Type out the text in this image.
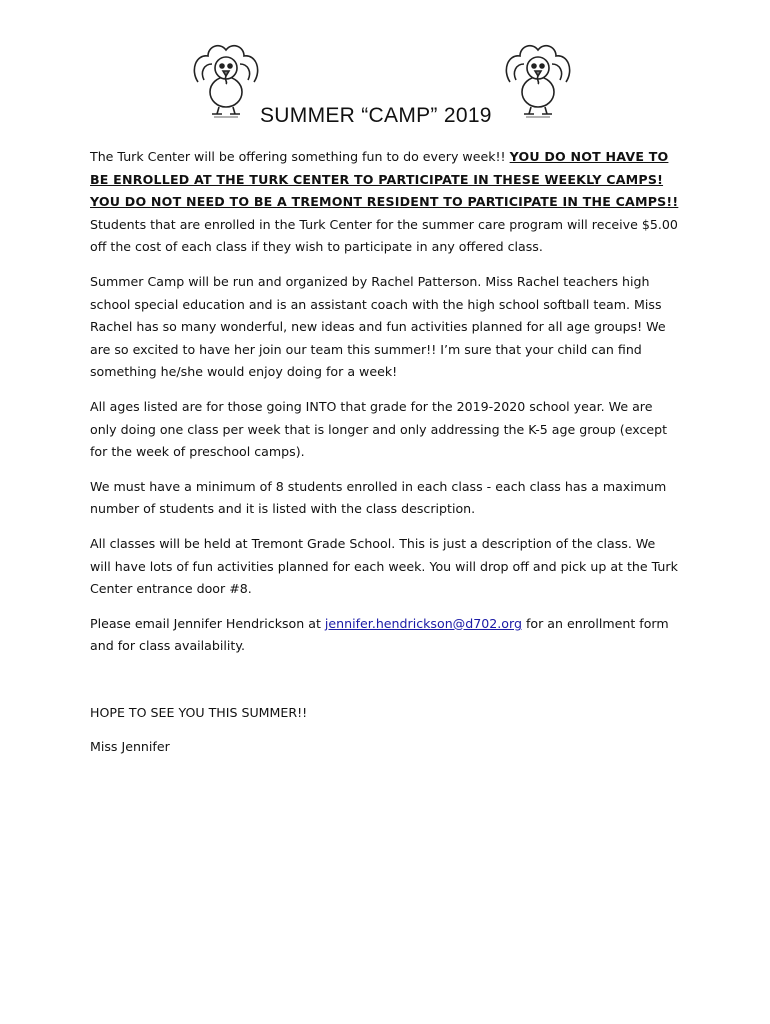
SUMMER “CAMP” 2019

The Turk Center will be offering something fun to do every week!! YOU DO NOT HAVE TO BE ENROLLED AT THE TURK CENTER TO PARTICIPATE IN THESE WEEKLY CAMPS! YOU DO NOT NEED TO BE A TREMONT RESIDENT TO PARTICIPATE IN THE CAMPS!! Students that are enrolled in the Turk Center for the summer care program will receive $5.00 off the cost of each class if they wish to participate in any offered class.

Summer Camp will be run and organized by Rachel Patterson. Miss Rachel teachers high school special education and is an assistant coach with the high school softball team. Miss Rachel has so many wonderful, new ideas and fun activities planned for all age groups! We are so excited to have her join our team this summer!! I’m sure that your child can find something he/she would enjoy doing for a week!

All ages listed are for those going INTO that grade for the 2019-2020 school year. We are only doing one class per week that is longer and only addressing the K-5 age group (except for the week of preschool camps).

We must have a minimum of 8 students enrolled in each class - each class has a maximum number of students and it is listed with the class description.

All classes will be held at Tremont Grade School. This is just a description of the class. We will have lots of fun activities planned for each week. You will drop off and pick up at the Turk Center entrance door #8.

Please email Jennifer Hendrickson at jennifer.hendrickson@d702.org for an enrollment form and for class availability.

HOPE TO SEE YOU THIS SUMMER!!

Miss Jennifer
